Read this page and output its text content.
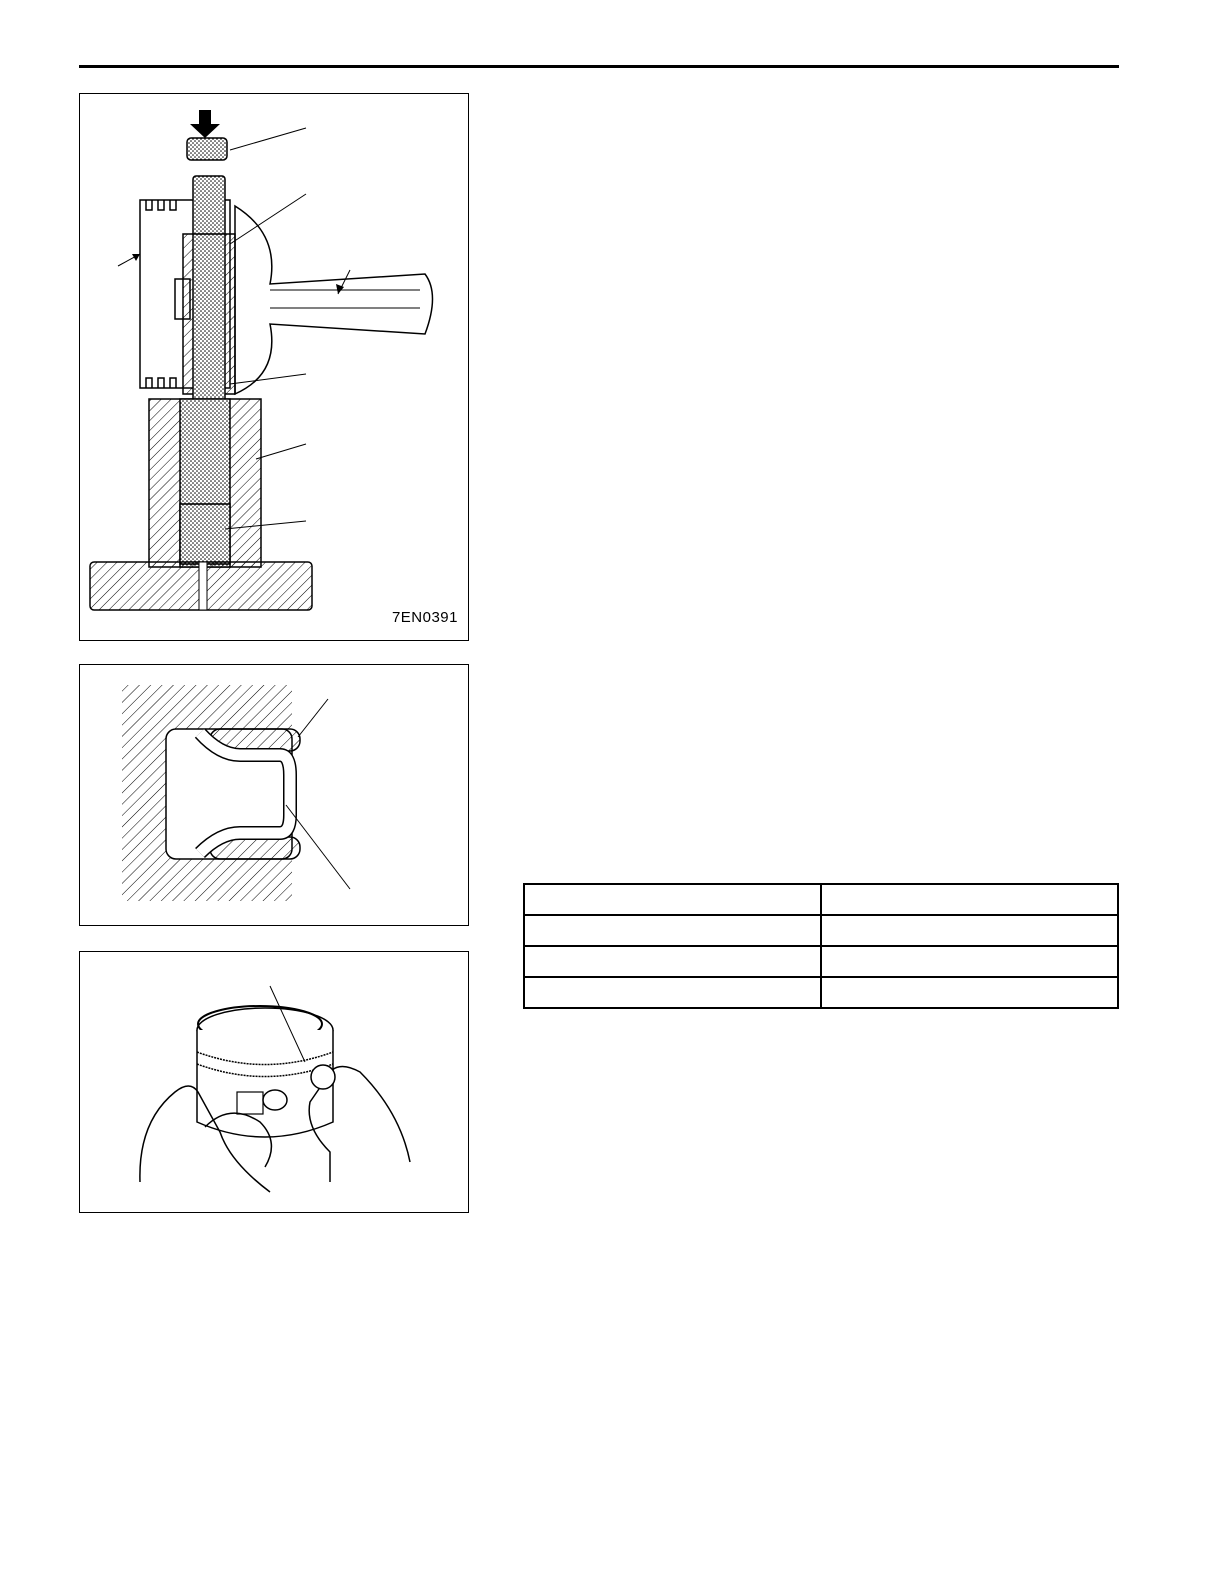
7EN0391
